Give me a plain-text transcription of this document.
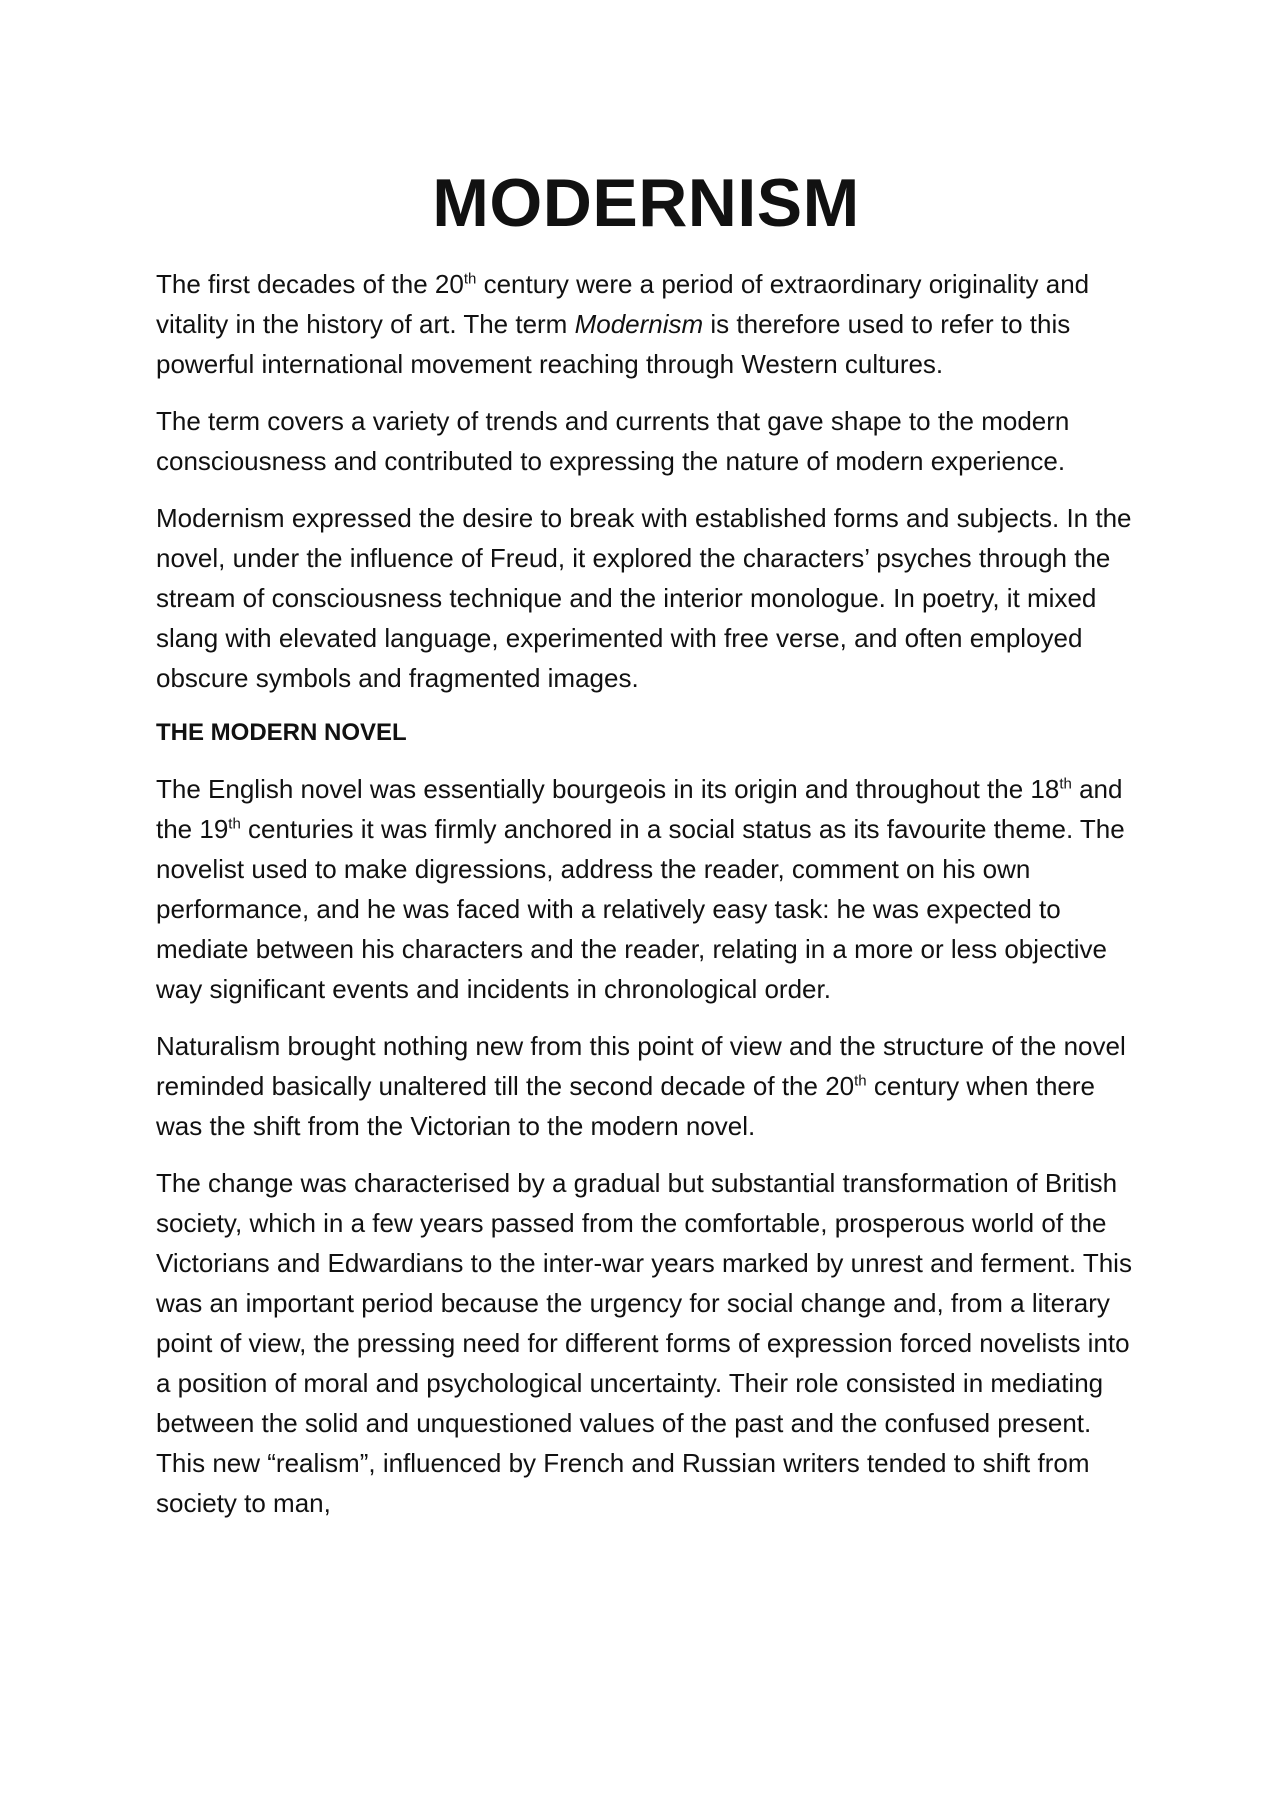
MODERNISM

The first decades of the 20th century were a period of extraordinary originality and vitality in the history of art. The term Modernism is therefore used to refer to this powerful international movement reaching through Western cultures.

The term covers a variety of trends and currents that gave shape to the modern consciousness and contributed to expressing the nature of modern experience.

Modernism expressed the desire to break with established forms and subjects. In the novel, under the influence of Freud, it explored the characters’ psyches through the stream of consciousness technique and the interior monologue. In poetry, it mixed slang with elevated language, experimented with free verse, and often employed obscure symbols and fragmented images.

THE MODERN NOVEL

The English novel was essentially bourgeois in its origin and throughout the 18th and the 19th centuries it was firmly anchored in a social status as its favourite theme. The novelist used to make digressions, address the reader, comment on his own performance, and he was faced with a relatively easy task: he was expected to mediate between his characters and the reader, relating in a more or less objective way significant events and incidents in chronological order.

Naturalism brought nothing new from this point of view and the structure of the novel reminded basically unaltered till the second decade of the 20th century when there was the shift from the Victorian to the modern novel.

The change was characterised by a gradual but substantial transformation of British society, which in a few years passed from the comfortable, prosperous world of the Victorians and Edwardians to the inter-war years marked by unrest and ferment. This was an important period because the urgency for social change and, from a literary point of view, the pressing need for different forms of expression forced novelists into a position of moral and psychological uncertainty. Their role consisted in mediating between the solid and unquestioned values of the past and the confused present. This new “realism”, influenced by French and Russian writers tended to shift from society to man,
